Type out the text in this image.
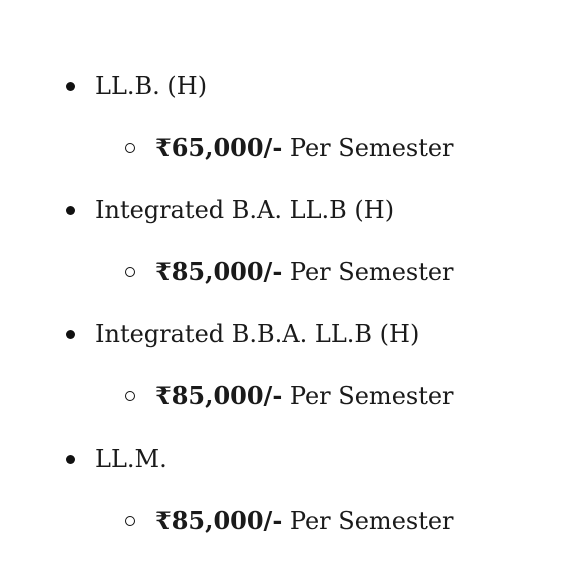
LL.B. (H)
₹65,000/- Per Semester
Integrated B.A. LL.B (H)
₹85,000/- Per Semester
Integrated B.B.A. LL.B (H)
₹85,000/- Per Semester
LL.M.
₹85,000/- Per Semester
